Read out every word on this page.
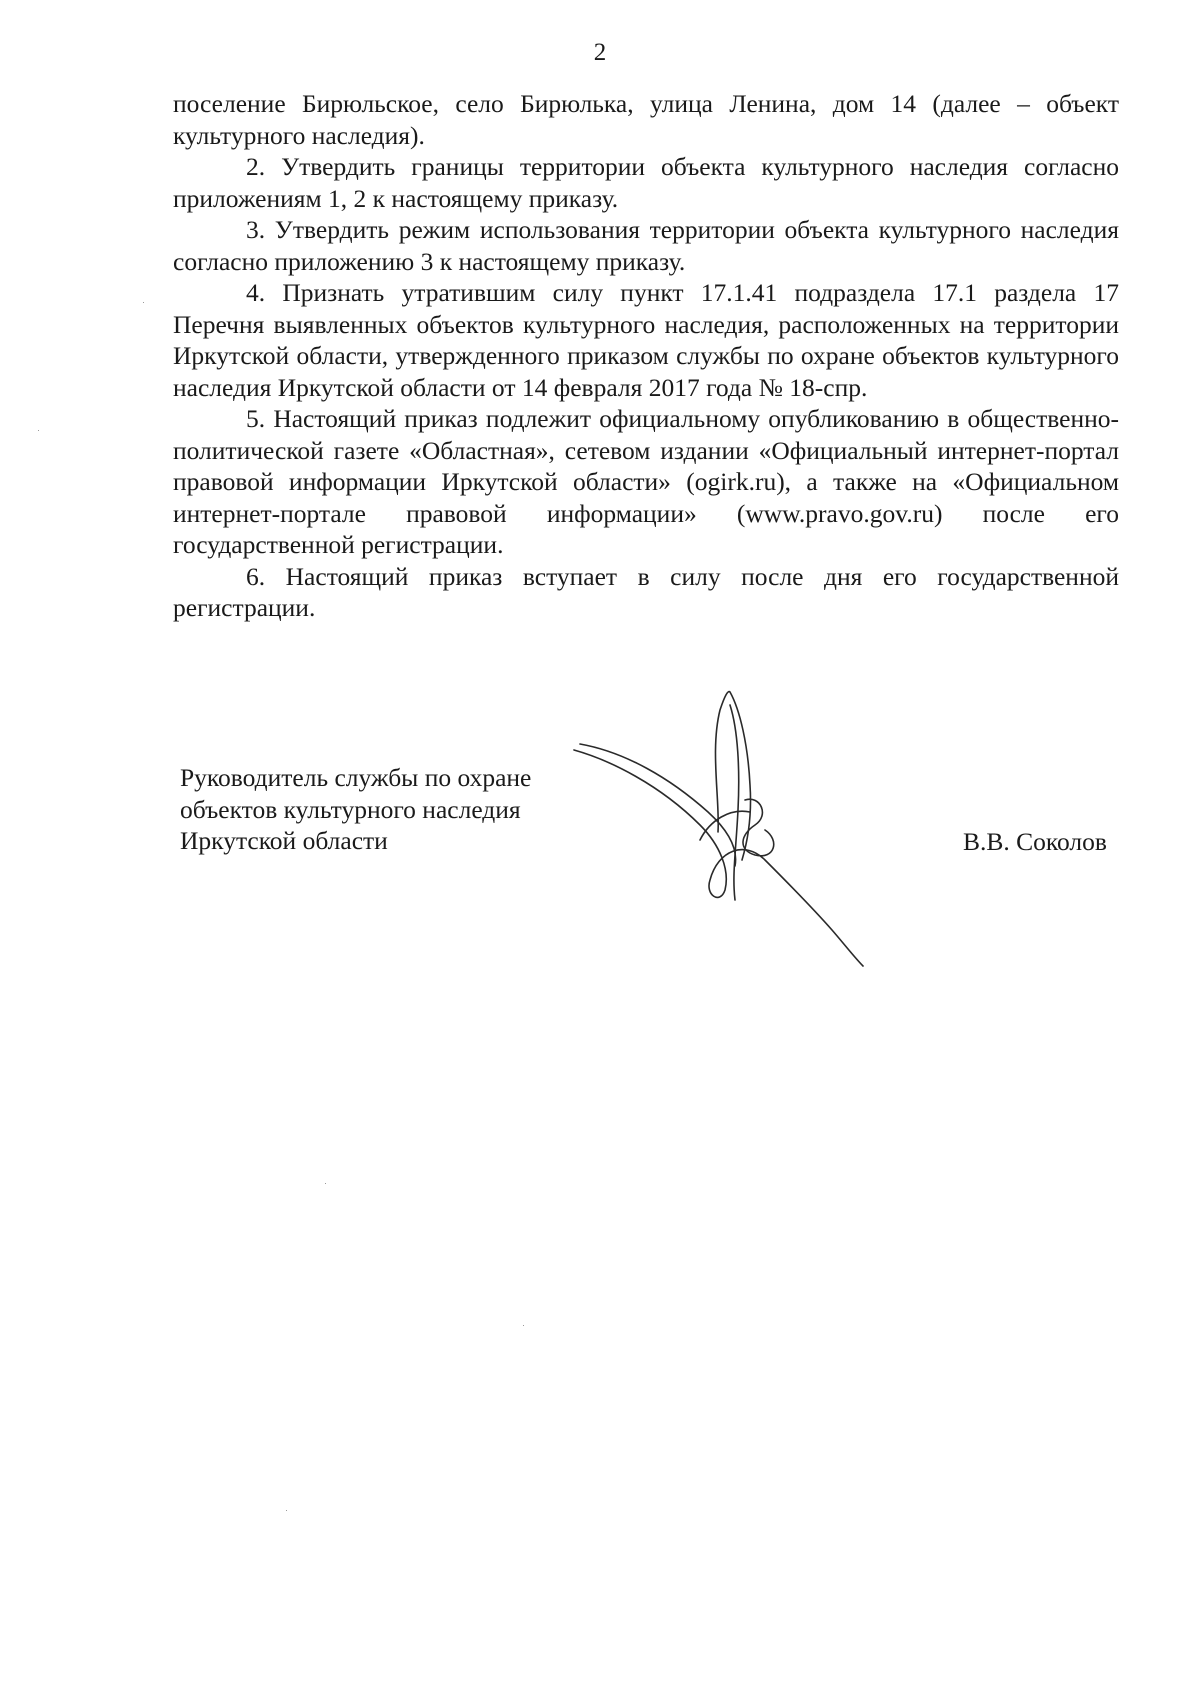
2

поселение Бирюльское, село Бирюлька, улица Ленина, дом 14 (далее – объект культурного наследия).

2. Утвердить границы территории объекта культурного наследия согласно приложениям 1, 2 к настоящему приказу.

3. Утвердить режим использования территории объекта культурного наследия согласно приложению 3 к настоящему приказу.

4. Признать утратившим силу пункт 17.1.41 подраздела 17.1 раздела 17 Перечня выявленных объектов культурного наследия, расположенных на территории Иркутской области, утвержденного приказом службы по охране объектов культурного наследия Иркутской области от 14 февраля 2017 года № 18-спр.

5. Настоящий приказ подлежит официальному опубликованию в общественно-политической газете «Областная», сетевом издании «Официальный интернет-портал правовой информации Иркутской области» (ogirk.ru), а также на «Официальном интернет-портале правовой информации» (www.pravo.gov.ru) после его государственной регистрации.

6. Настоящий приказ вступает в силу после дня его государственной регистрации.

Руководитель службы по охране
объектов культурного наследия
Иркутской области	В.В. Соколов
